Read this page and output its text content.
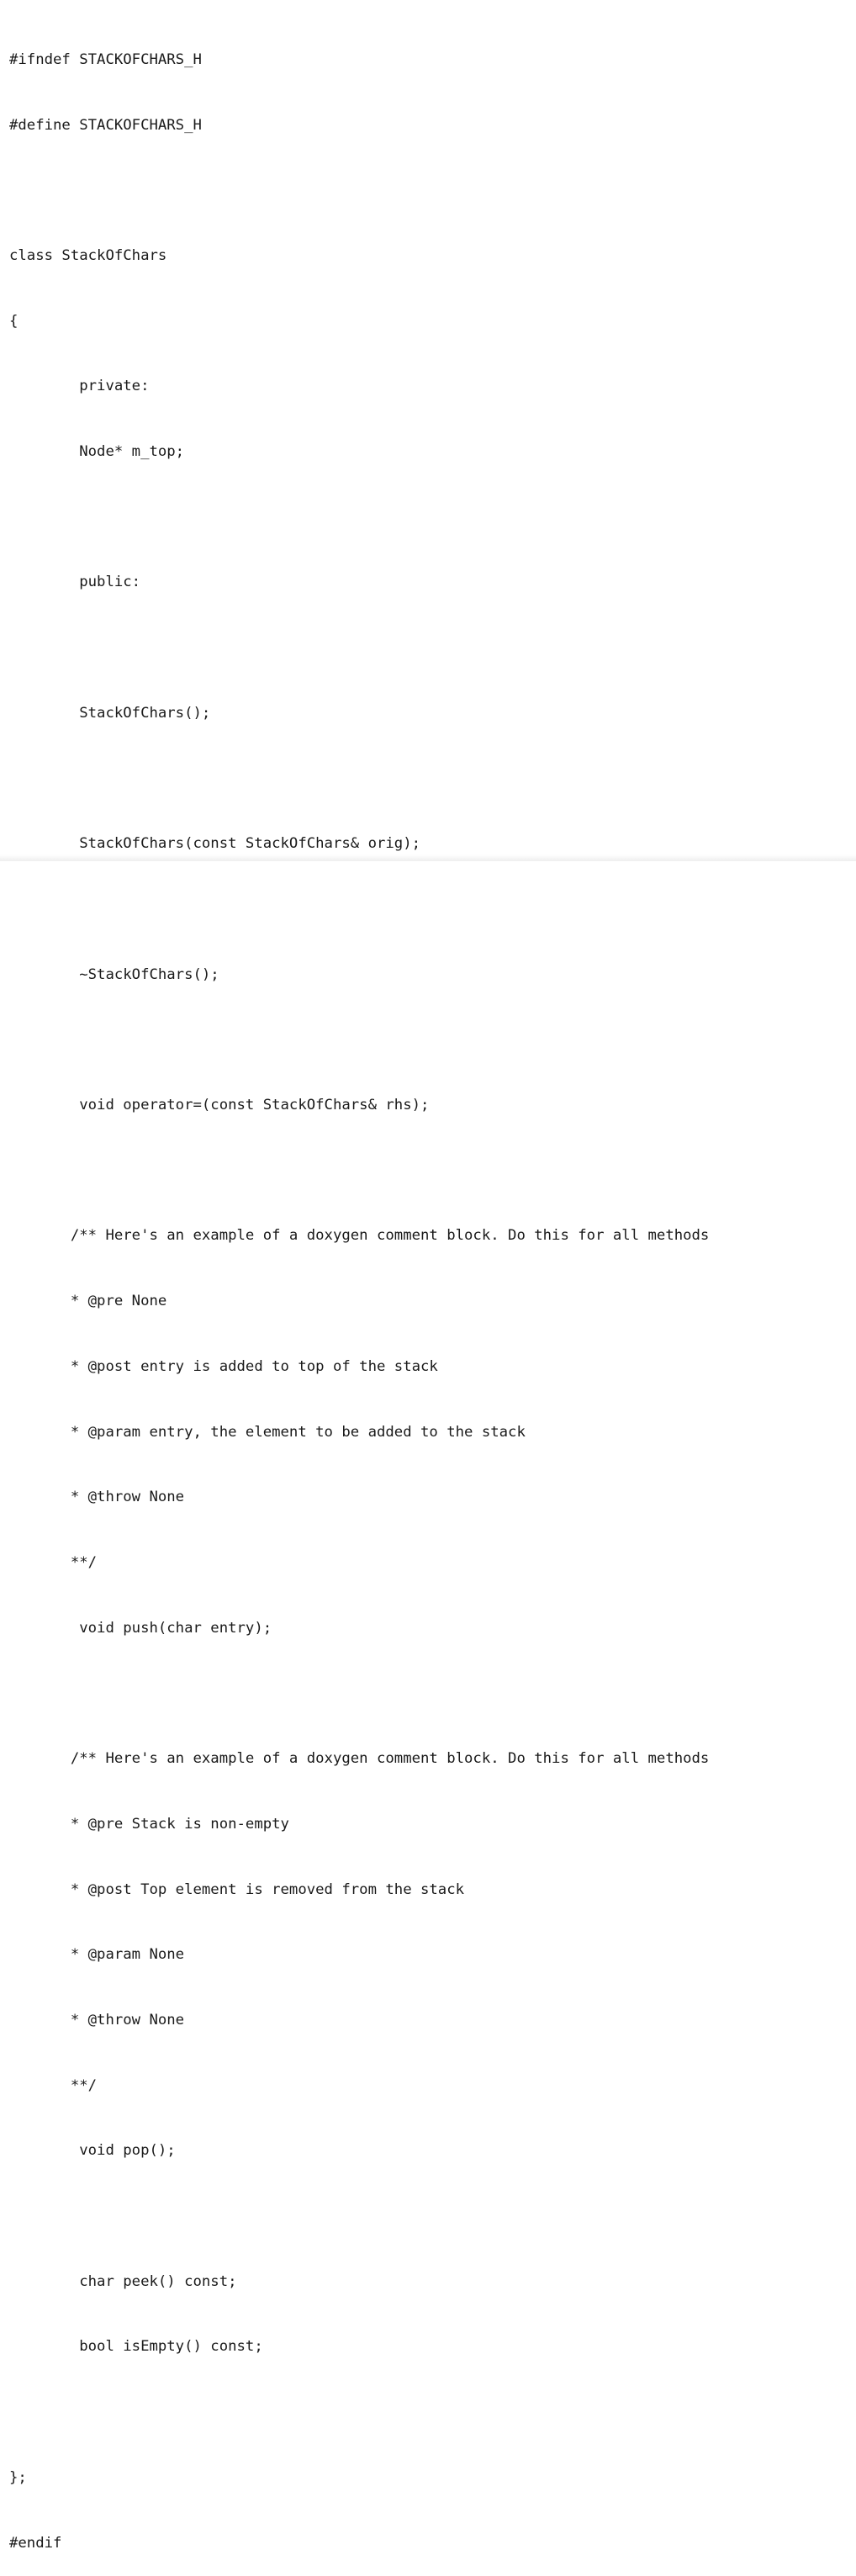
#ifndef STACKOFCHARS_H

#define STACKOFCHARS_H

class StackOfChars

{

private:

Node* m_top;

public:

StackOfChars();

StackOfChars(const StackOfChars& orig);

~StackOfChars();

void operator=(const StackOfChars& rhs);

/** Here's an example of a doxygen comment block. Do this for all methods

* @pre None

* @post entry is added to top of the stack

* @param entry, the element to be added to the stack

* @throw None

**/

void push(char entry);

/** Here's an example of a doxygen comment block. Do this for all methods

* @pre Stack is non-empty

* @post Top element is removed from the stack

* @param None

* @throw None

**/

void pop();

char peek() const;

bool isEmpty() const;

};

#endif
